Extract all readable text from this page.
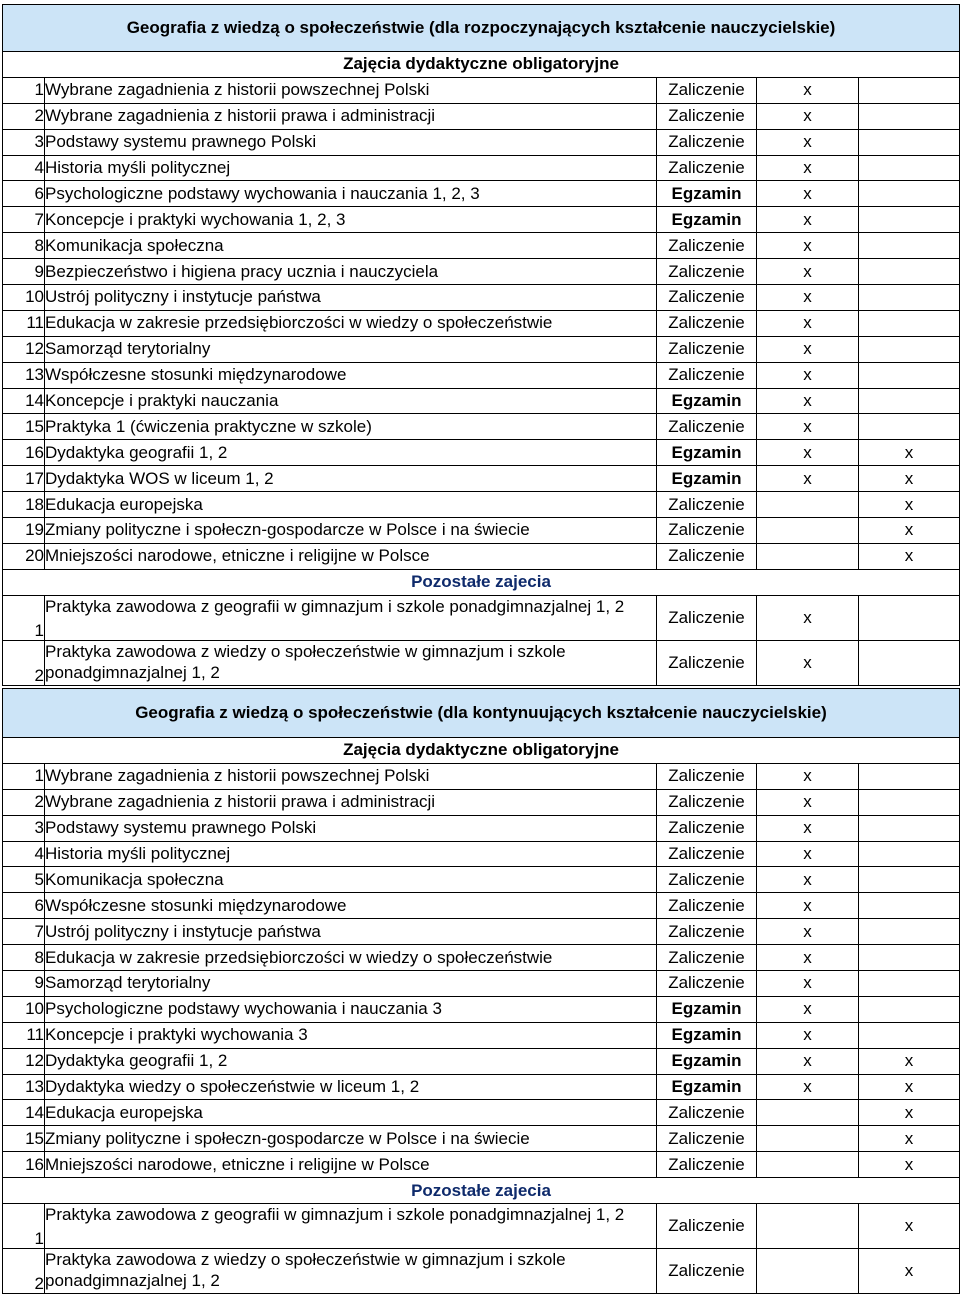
Geografia z wiedzą o społeczeństwie (dla rozpoczynających kształcenie nauczycielskie)				
Zajęcia dydaktyczne obligatoryjne				
1	Wybrane zagadnienia z historii powszechnej Polski	Zaliczenie	x	
2	Wybrane zagadnienia z historii prawa i administracji	Zaliczenie	x	
3	Podstawy systemu prawnego Polski	Zaliczenie	x	
4	Historia myśli politycznej	Zaliczenie	x	
6	Psychologiczne podstawy wychowania i nauczania 1, 2, 3	Egzamin	x	
7	Koncepcje i praktyki wychowania 1, 2, 3	Egzamin	x	
8	Komunikacja społeczna	Zaliczenie	x	
9	Bezpieczeństwo i higiena pracy ucznia i nauczyciela	Zaliczenie	x	
10	Ustrój polityczny i instytucje państwa	Zaliczenie	x	
11	Edukacja w zakresie przedsiębiorczości w wiedzy o społeczeństwie	Zaliczenie	x	
12	Samorząd terytorialny	Zaliczenie	x	
13	Współczesne stosunki międzynarodowe	Zaliczenie	x	
14	Koncepcje i praktyki nauczania	Egzamin	x	
15	Praktyka 1 (ćwiczenia praktyczne w szkole)	Zaliczenie	x	
16	Dydaktyka geografii 1, 2	Egzamin	x	x
17	Dydaktyka WOS w liceum 1, 2	Egzamin	x	x
18	Edukacja europejska	Zaliczenie		x
19	Zmiany polityczne i społeczn-gospodarcze w Polsce i na świecie	Zaliczenie		x
20	Mniejszości narodowe, etniczne i religijne w Polsce	Zaliczenie		x
Pozostałe zajecia				
1	Praktyka zawodowa z geografii w gimnazjum i szkole ponadgimnazjalnej 1, 2	Zaliczenie	x	
2	Praktyka zawodowa z wiedzy o społeczeństwie w gimnazjum i szkole ponadgimnazjalnej 1, 2	Zaliczenie	x	
Geografia z wiedzą o społeczeństwie (dla kontynuujących kształcenie nauczycielskie)				
Zajęcia dydaktyczne obligatoryjne				
1	Wybrane zagadnienia z historii powszechnej Polski	Zaliczenie	x	
2	Wybrane zagadnienia z historii prawa i administracji	Zaliczenie	x	
3	Podstawy systemu prawnego Polski	Zaliczenie	x	
4	Historia myśli politycznej	Zaliczenie	x	
5	Komunikacja społeczna	Zaliczenie	x	
6	Współczesne stosunki międzynarodowe	Zaliczenie	x	
7	Ustrój polityczny i instytucje państwa	Zaliczenie	x	
8	Edukacja w zakresie przedsiębiorczości w wiedzy o społeczeństwie	Zaliczenie	x	
9	Samorząd terytorialny	Zaliczenie	x	
10	Psychologiczne podstawy wychowania i nauczania 3	Egzamin	x	
11	Koncepcje i praktyki wychowania 3	Egzamin	x	
12	Dydaktyka geografii 1, 2	Egzamin	x	x
13	Dydaktyka wiedzy o społeczeństwie w liceum 1, 2	Egzamin	x	x
14	Edukacja europejska	Zaliczenie		x
15	Zmiany polityczne i społeczn-gospodarcze w Polsce i na świecie	Zaliczenie		x
16	Mniejszości narodowe, etniczne i religijne w Polsce	Zaliczenie		x
Pozostałe zajecia				
1	Praktyka zawodowa z geografii w gimnazjum i szkole ponadgimnazjalnej 1, 2	Zaliczenie		x
2	Praktyka zawodowa z wiedzy o społeczeństwie w gimnazjum i szkole ponadgimnazjalnej 1, 2	Zaliczenie		x
